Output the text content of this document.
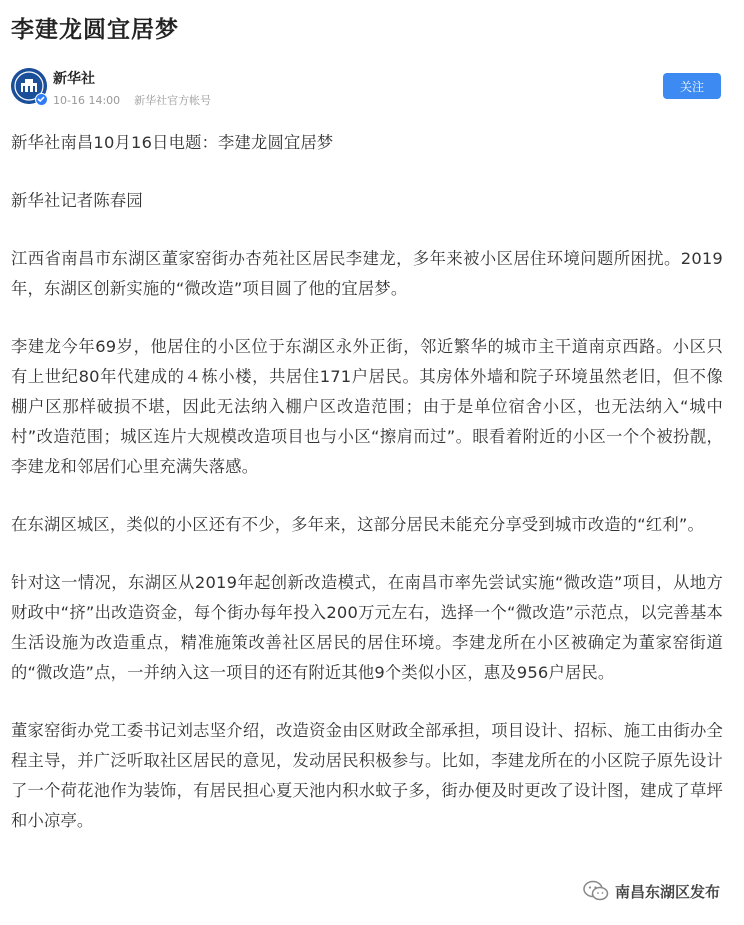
李建龙圆宜居梦
新华社
10-16 14:00 新华社官方帐号
关注

新华社南昌10月16日电题：李建龙圆宜居梦

新华社记者陈春园

江西省南昌市东湖区董家窑街办杏苑社区居民李建龙，多年来被小区居住环境问题所困扰。2019年，东湖区创新实施的“微改造”项目圆了他的宜居梦。

李建龙今年69岁，他居住的小区位于东湖区永外正街，邻近繁华的城市主干道南京西路。小区只有上世纪80年代建成的４栋小楼，共居住171户居民。其房体外墙和院子环境虽然老旧，但不像棚户区那样破损不堪，因此无法纳入棚户区改造范围；由于是单位宿舍小区，也无法纳入“城中村”改造范围；城区连片大规模改造项目也与小区“擦肩而过”。眼看着附近的小区一个个被扮靓，李建龙和邻居们心里充满失落感。

在东湖区城区，类似的小区还有不少，多年来，这部分居民未能充分享受到城市改造的“红利”。

针对这一情况，东湖区从2019年起创新改造模式，在南昌市率先尝试实施“微改造”项目，从地方财政中“挤”出改造资金，每个街办每年投入200万元左右，选择一个“微改造”示范点，以完善基本生活设施为改造重点，精准施策改善社区居民的居住环境。李建龙所在小区被确定为董家窑街道的“微改造”点，一并纳入这一项目的还有附近其他9个类似小区，惠及956户居民。

董家窑街办党工委书记刘志坚介绍，改造资金由区财政全部承担，项目设计、招标、施工由街办全程主导，并广泛听取社区居民的意见，发动居民积极参与。比如，李建龙所在的小区院子原先设计了一个荷花池作为装饰，有居民担心夏天池内积水蚊子多，街办便及时更改了设计图，建成了草坪和小凉亭。

南昌东湖区发布
